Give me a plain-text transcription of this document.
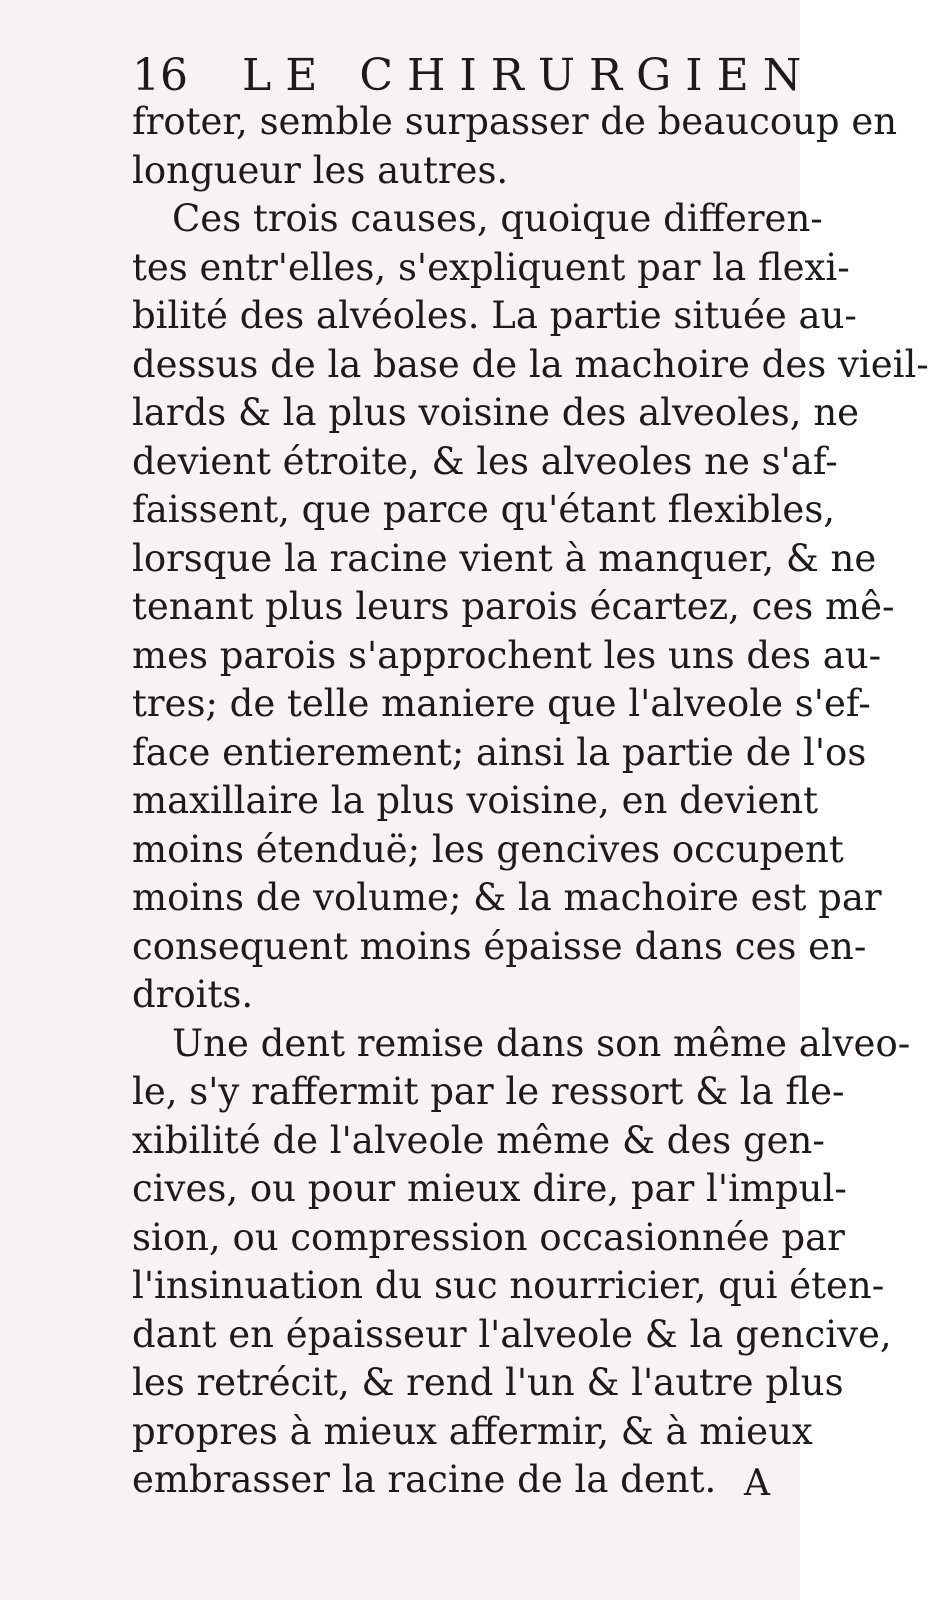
16 LE CHIRURGIEN
froter, semble surpasser de beaucoup en
longueur les autres.
Ces trois causes, quoique differen-
tes entr'elles, s'expliquent par la flexi-
bilité des alvéoles. La partie située au-
dessus de la base de la machoire des vieil-
lards & la plus voisine des alveoles, ne
devient étroite, & les alveoles ne s'af-
faissent, que parce qu'étant flexibles,
lorsque la racine vient à manquer, & ne
tenant plus leurs parois écartez, ces mê-
mes parois s'approchent les uns des au-
tres; de telle maniere que l'alveole s'ef-
face entierement; ainsi la partie de l'os
maxillaire la plus voisine, en devient
moins étenduë; les gencives occupent
moins de volume; & la machoire est par
consequent moins épaisse dans ces en-
droits.
Une dent remise dans son même alveo-
le, s'y raffermit par le ressort & la fle-
xibilité de l'alveole même & des gen-
cives, ou pour mieux dire, par l'impul-
sion, ou compression occasionnée par
l'insinuation du suc nourricier, qui éten-
dant en épaisseur l'alveole & la gencive,
les retrécit, & rend l'un & l'autre plus
propres à mieux affermir, & à mieux
embrasser la racine de la dent. A
